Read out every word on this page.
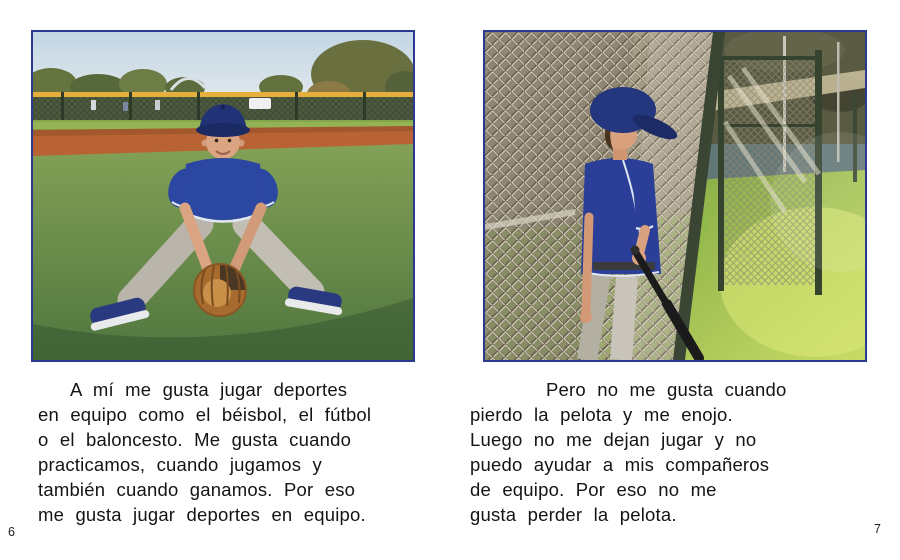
A mí me gusta jugar deportes
en equipo como el béisbol, el fútbol
o el baloncesto. Me gusta cuando
practicamos, cuando jugamos y
también cuando ganamos. Por eso
me gusta jugar deportes en equipo.
Pero no me gusta cuando
pierdo la pelota y me enojo.
Luego no me dejan jugar y no
puedo ayudar a mis compañeros
de equipo. Por eso no me
gusta perder la pelota.
6	7
